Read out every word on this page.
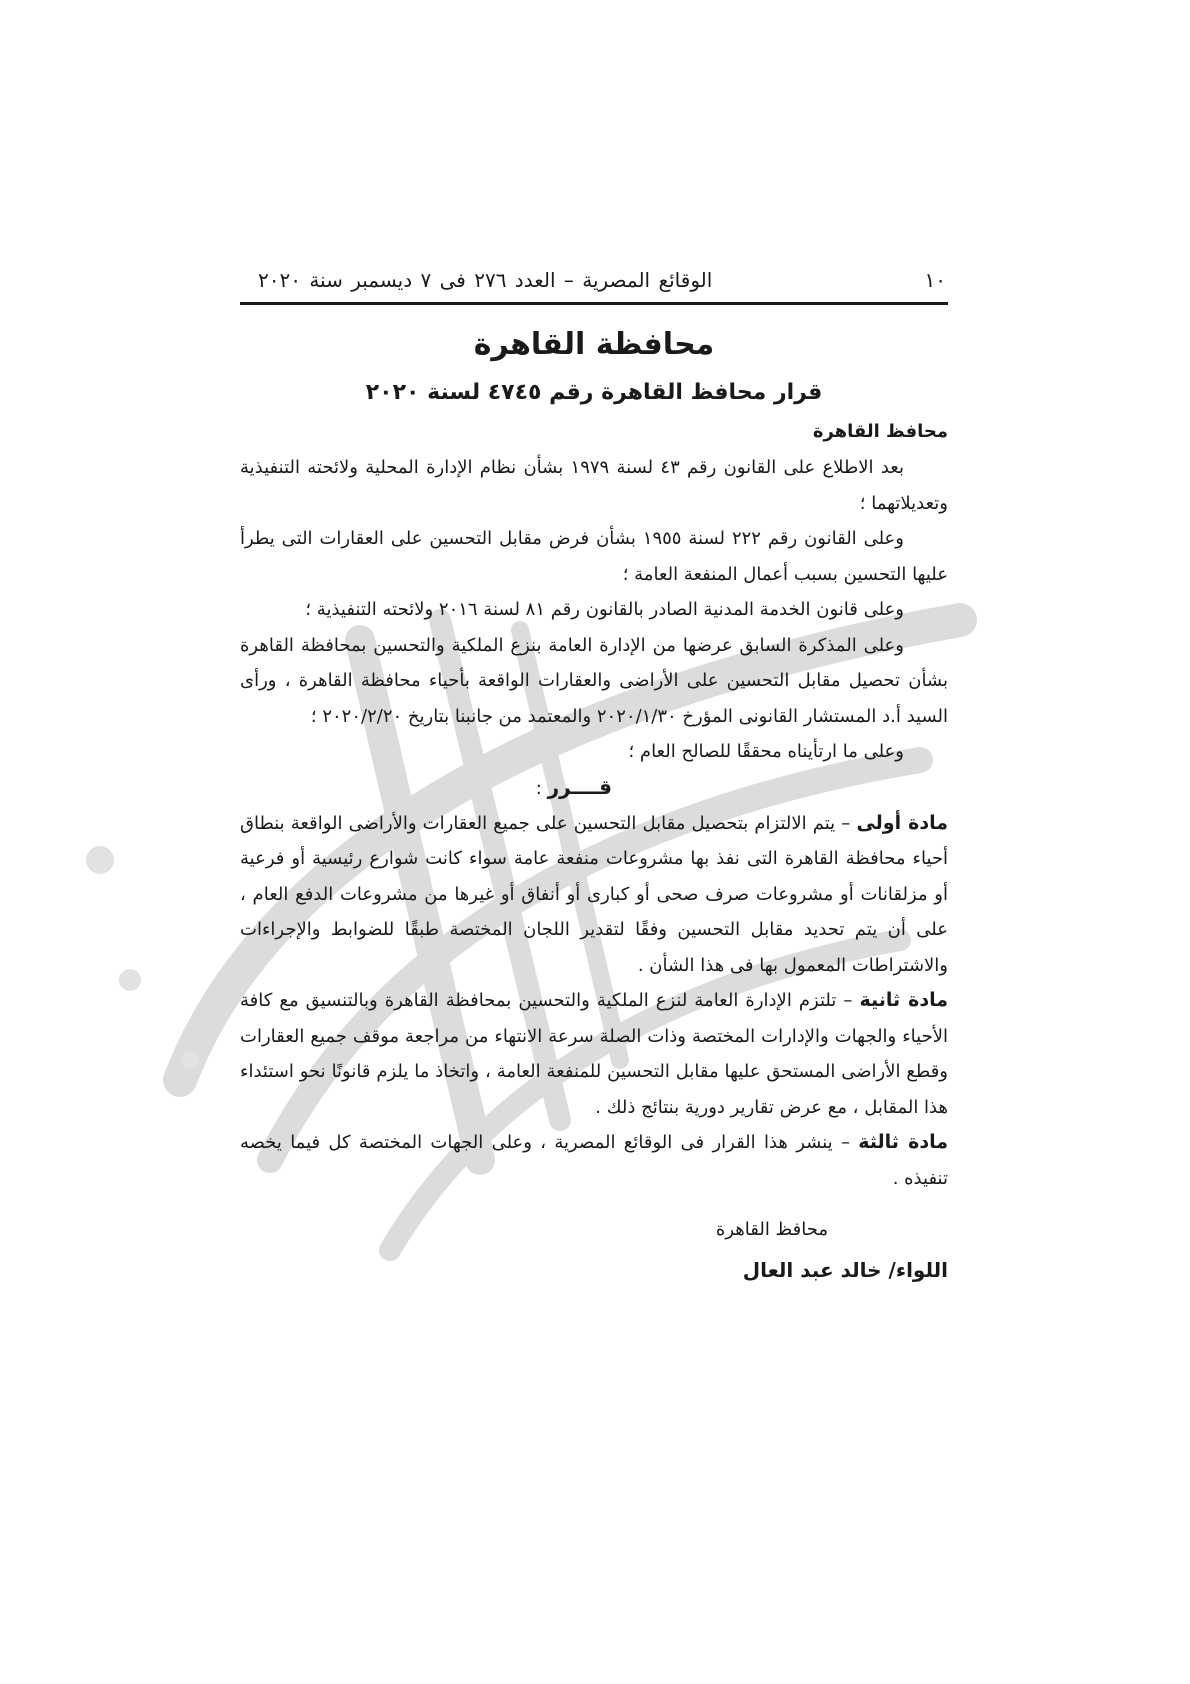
١٠
الوقائع المصرية – العدد ٢٧٦ فى ٧ ديسمبر سنة ٢٠٢٠
محافظة القاهرة
قرار محافظ القاهرة رقم ٤٧٤٥ لسنة ٢٠٢٠
محافظ القاهرة

بعد الاطلاع على القانون رقم ٤٣ لسنة ١٩٧٩ بشأن نظام الإدارة المحلية ولائحته التنفيذية وتعديلاتهما ؛

وعلى القانون رقم ٢٢٢ لسنة ١٩٥٥ بشأن فرض مقابل التحسين على العقارات التى يطرأ عليها التحسين بسبب أعمال المنفعة العامة ؛

وعلى قانون الخدمة المدنية الصادر بالقانون رقم ٨١ لسنة ٢٠١٦ ولائحته التنفيذية ؛

وعلى المذكرة السابق عرضها من الإدارة العامة بنزع الملكية والتحسين بمحافظة القاهرة بشأن تحصيل مقابل التحسين على الأراضى والعقارات الواقعة بأحياء محافظة القاهرة ، ورأى السيد أ.د المستشار القانونى المؤرخ ٢٠٢٠/١/٣٠ والمعتمد من جانبنا بتاريخ ٢٠٢٠/٢/٢٠ ؛

وعلى ما ارتأيناه محققًا للصالح العام ؛

قــــرر :

مادة أولى – يتم الالتزام بتحصيل مقابل التحسين على جميع العقارات والأراضى الواقعة بنطاق أحياء محافظة القاهرة التى نفذ بها مشروعات منفعة عامة سواء كانت شوارع رئيسية أو فرعية أو مزلقانات أو مشروعات صرف صحى أو كبارى أو أنفاق أو غيرها من مشروعات الدفع العام ، على أن يتم تحديد مقابل التحسين وفقًا لتقدير اللجان المختصة طبقًا للضوابط والإجراءات والاشتراطات المعمول بها فى هذا الشأن .

مادة ثانية – تلتزم الإدارة العامة لنزع الملكية والتحسين بمحافظة القاهرة وبالتنسيق مع كافة الأحياء والجهات والإدارات المختصة وذات الصلة سرعة الانتهاء من مراجعة موقف جميع العقارات وقطع الأراضى المستحق عليها مقابل التحسين للمنفعة العامة ، واتخاذ ما يلزم قانونًا نحو استئداء هذا المقابل ، مع عرض تقارير دورية بنتائج ذلك .

مادة ثالثة – ينشر هذا القرار فى الوقائع المصرية ، وعلى الجهات المختصة كل فيما يخصه تنفيذه .

محافظ القاهرة
اللواء/ خالد عبد العال
